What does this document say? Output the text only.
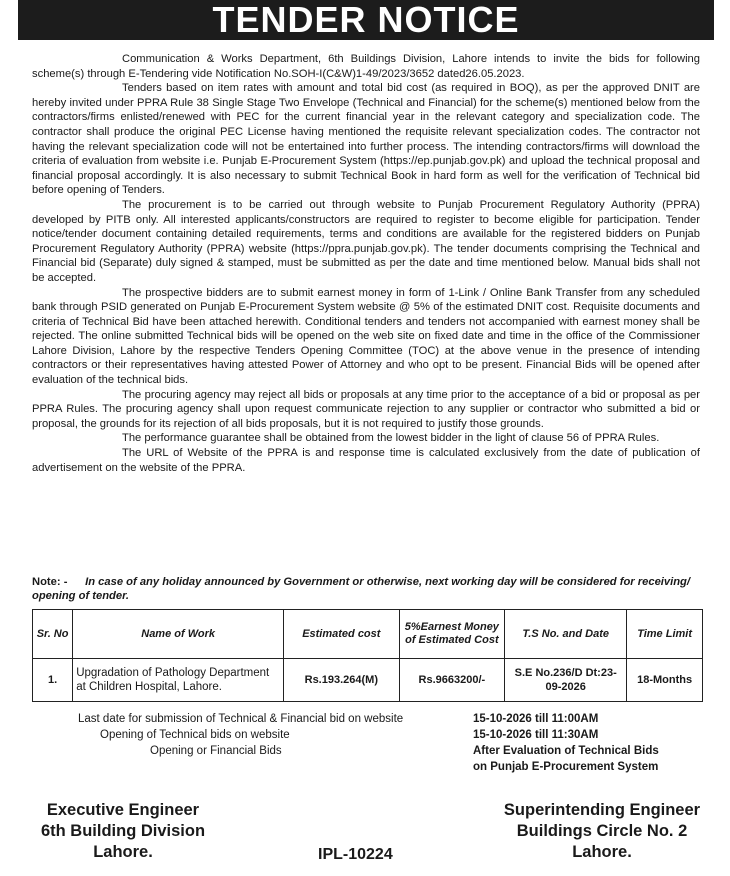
TENDER NOTICE

Communication & Works Department, 6th Buildings Division, Lahore intends to invite the bids for following scheme(s) through E-Tendering vide Notification No.SOH-I(C&W)1-49/2023/3652 dated26.05.2023.

Tenders based on item rates with amount and total bid cost (as required in BOQ), as per the approved DNIT are hereby invited under PPRA Rule 38 Single Stage Two Envelope (Technical and Financial) for the scheme(s) mentioned below from the contractors/firms enlisted/renewed with PEC for the current financial year in the relevant category and specialization code. The contractor shall produce the original PEC License having mentioned the requisite relevant specialization codes. The contractor not having the relevant specialization code will not be entertained into further process. The intending contractors/firms will download the criteria of evaluation from website i.e. Punjab E-Procurement System (https://ep.punjab.gov.pk) and upload the technical proposal and financial proposal accordingly. It is also necessary to submit Technical Book in hard form as well for the verification of Technical bid before opening of Tenders.

The procurement is to be carried out through website to Punjab Procurement Regulatory Authority (PPRA) developed by PITB only. All interested applicants/constructors are required to register to become eligible for participation. Tender notice/tender document containing detailed requirements, terms and conditions are available for the registered bidders on Punjab Procurement Regulatory Authority (PPRA) website (https://ppra.punjab.gov.pk). The tender documents comprising the Technical and Financial bid (Separate) duly signed & stamped, must be submitted as per the date and time mentioned below. Manual bids shall not be accepted.

The prospective bidders are to submit earnest money in form of 1-Link / Online Bank Transfer from any scheduled bank through PSID generated on Punjab E-Procurement System website @ 5% of the estimated DNIT cost. Requisite documents and criteria of Technical Bid have been attached herewith. Conditional tenders and tenders not accompanied with earnest money shall be rejected. The online submitted Technical bids will be opened on the web site on fixed date and time in the office of the Commissioner Lahore Division, Lahore by the respective Tenders Opening Committee (TOC) at the above venue in the presence of intending contractors or their representatives having attested Power of Attorney and who opt to be present. Financial Bids will be opened after evaluation of the technical bids.

The procuring agency may reject all bids or proposals at any time prior to the acceptance of a bid or proposal as per PPRA Rules. The procuring agency shall upon request communicate rejection to any supplier or contractor who submitted a bid or proposal, the grounds for its rejection of all bids proposals, but it is not required to justify those grounds.

The performance guarantee shall be obtained from the lowest bidder in the light of clause 56 of PPRA Rules.

The URL of Website of the PPRA is and response time is calculated exclusively from the date of publication of advertisement on the website of the PPRA.

Note: - In case of any holiday announced by Government or otherwise, next working day will be considered for receiving/ opening of tender.
Sr. No	Name of Work	Estimated cost	5%Earnest Money of Estimated Cost	T.S No. and Date	Time Limit
1.	Upgradation of Pathology Department at Children Hospital, Lahore.	Rs.193.264(M)	Rs.9663200/-	S.E No.236/D Dt:23-09-2026	18-Months
Last date for submission of Technical & Financial bid on website	15-10-2026 till 11:00AM
Opening of Technical bids on website	15-10-2026 till 11:30AM
Opening or Financial Bids	After Evaluation of Technical Bids
on Punjab E-Procurement System
Executive Engineer
6th Building Division
Lahore.	IPL-10224
Superintending Engineer
Buildings Circle No. 2
Lahore.
